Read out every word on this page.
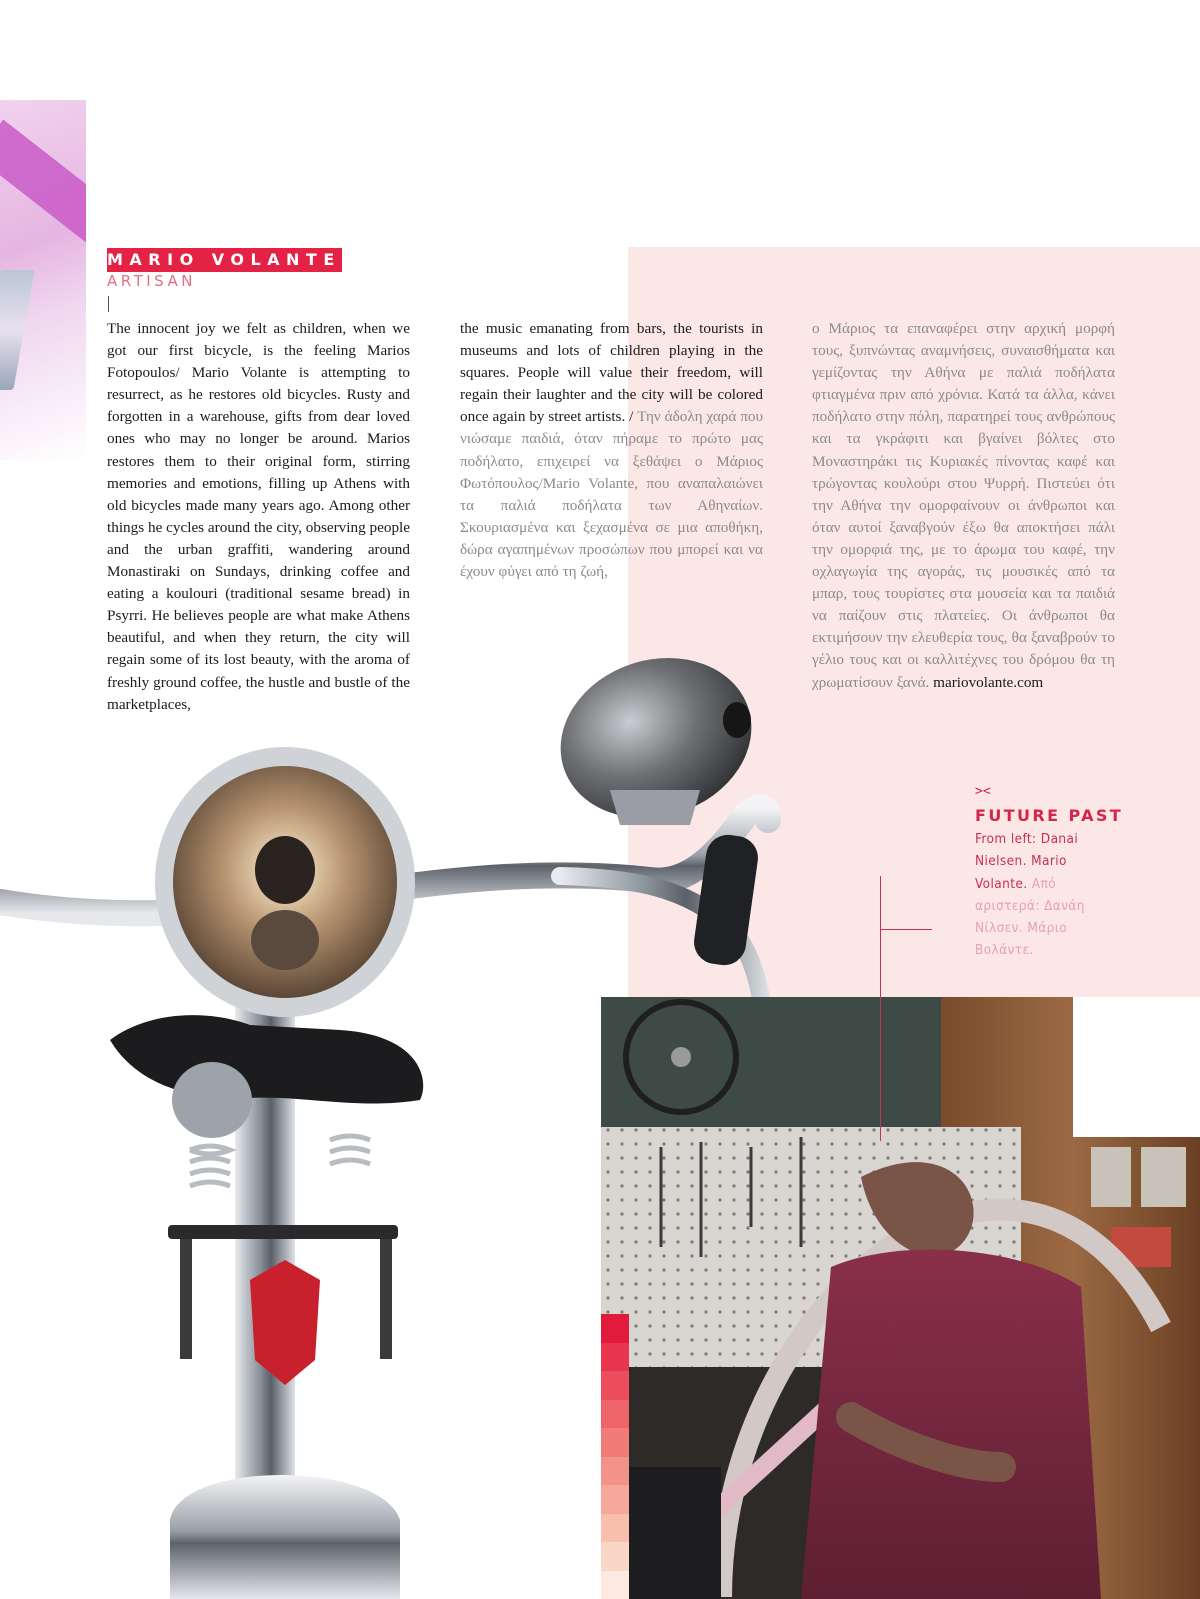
MARIO VOLANTE
ARTISAN
The innocent joy we felt as children, when we got our first bicycle, is the feeling Marios Fotopoulos/ Mario Volante is attempting to resurrect, as he restores old bicycles. Rusty and forgotten in a warehouse, gifts from dear loved ones who may no longer be around. Marios restores them to their original form, stirring memories and emotions, filling up Athens with old bicycles made many years ago. Among other things he cycles around the city, observing people and the urban graffiti, wandering around Monastiraki on Sundays, drinking coffee and eating a koulouri (traditional sesame bread) in Psyrri. He believes people are what make Athens beautiful, and when they return, the city will regain some of its lost beauty, with the aroma of freshly ground coffee, the hustle and bustle of the marketplaces,
the music emanating from bars, the tourists in museums and lots of children playing in the squares. People will value their freedom, will regain their laughter and the city will be colored once again by street artists. / Την άδολη χαρά που νιώσαμε παιδιά, όταν πήραμε το πρώτο μας ποδήλατο, επιχειρεί να ξεθάψει ο Μάριος Φωτόπουλος/Mario Volante, που αναπαλαιώνει τα παλιά ποδήλατα των Αθηναίων. Σκουριασμένα και ξεχασμένα σε μια αποθήκη, δώρα αγαπημένων προσώπων που μπορεί και να έχουν φύγει από τη ζωή,
ο Μάριος τα επαναφέρει στην αρχική μορφή τους, ξυπνώντας αναμνήσεις, συναισθήματα και γεμίζοντας την Αθήνα με παλιά ποδήλατα φτιαγμένα πριν από χρόνια. Κατά τα άλλα, κάνει ποδήλατο στην πόλη, παρατηρεί τους ανθρώπους και τα γκράφιτι και βγαίνει βόλτες στο Μοναστηράκι τις Κυριακές πίνοντας καφέ και τρώγοντας κουλούρι στου Ψυρρή. Πιστεύει ότι την Αθήνα την ομορφαίνουν οι άνθρωποι και όταν αυτοί ξαναβγούν έξω θα αποκτήσει πάλι την ομορφιά της, με το άρωμα του καφέ, την οχλαγωγία της αγοράς, τις μουσικές από τα μπαρ, τους τουρίστες στα μουσεία και τα παιδιά να παίζουν στις πλατείες. Οι άνθρωποι θα εκτιμήσουν την ελευθερία τους, θα ξαναβρούν το γέλιο τους και οι καλλιτέχνες του δρόμου θα τη χρωματίσουν ξανά. mariovolante.com
><
FUTURE PAST
From left: Danai Nielsen. Mario Volante. Από αριστερά: Δανάη Νίλσεν. Μάριο Βολάντε.
